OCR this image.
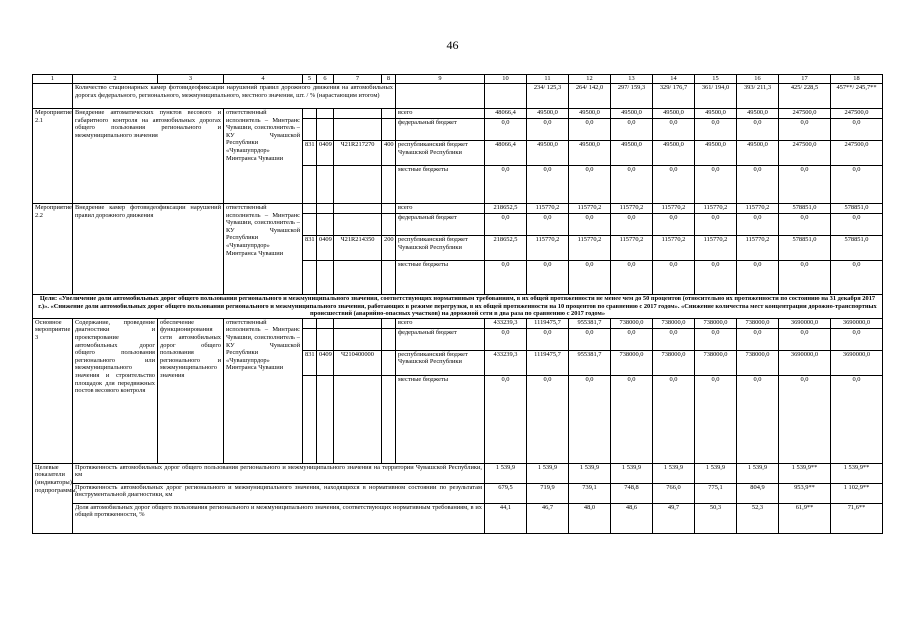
46
1	2	3	4	5	6	7	8	9	10	11	12	13	14	15	16	17	18	
	Количество стационарных камер фотовидеофиксации нарушений правил дорожного движения на автомобильных дорогах федерального, регионального, межмуниципального, местного значения, шт. / % (нарастающим итогом)									234/ 125,3	264/ 142,0	297/ 159,3	329/ 176,7	361/ 194,0	393/ 211,3	425/ 228,5	457**/ 245,7**	
Мероприятие 2.1	Внедрение автоматических пунктов весового и габаритного контроля на автомобильных дорогах общего пользования регионального и межмуниципального значения		ответственный исполнитель – Минтранс Чувашии, соисполнитель – КУ Чувашской Республики «Чувашупрдор» Минтранса Чувашии					всего	48066,4	49500,0	49500,0	49500,0	49500,0	49500,0	49500,0	247500,0	247500,0	
								федеральный бюджет	0,0	0,0	0,0	0,0	0,0	0,0	0,0	0,0	0,0	
				831	0409	Ч21R217270	400	республиканский бюджет Чувашской Республики	48066,4	49500,0	49500,0	49500,0	49500,0	49500,0	49500,0	247500,0	247500,0	
								местные бюджеты	0,0	0,0	0,0	0,0	0,0	0,0	0,0	0,0	0,0	
Мероприятие 2.2	Внедрение камер фотовидеофиксации нарушений правил дорожного движения		ответственный исполнитель – Минтранс Чувашии, соисполнитель – КУ Чувашской Республики «Чувашупрдор» Минтранса Чувашии					всего	218652,5	115770,2	115770,2	115770,2	115770,2	115770,2	115770,2	578851,0	578851,0	
								федеральный бюджет	0,0	0,0	0,0	0,0	0,0	0,0	0,0	0,0	0,0	
				831	0409	Ч21R214350	200	республиканский бюджет Чувашской Республики	218652,5	115770,2	115770,2	115770,2	115770,2	115770,2	115770,2	578851,0	578851,0	
								местные бюджеты	0,0	0,0	0,0	0,0	0,0	0,0	0,0	0,0	0,0	
Цели: «Увеличение доли автомобильных дорог общего пользования регионального и межмуниципального значения, соответствующих нормативным требованиям, в их общей протяженности не менее чем до 50 процентов (относительно их протяженности по состоянию на 31 декабря 2017 г.)». «Снижение доли автомобильных дорог общего пользования регионального и межмуниципального значения, работающих в режиме перегрузки, в их общей протяженности на 10 процентов по сравнению с 2017 годом». «Снижение количества мест концентрации дорожно-транспортных происшествий (аварийно-опасных участков) на дорожной сети в два раза по сравнению с 2017 годом»																		
Основное мероприятие 3	Содержание, проведение диагностики и проектирование автомобильных дорог общего пользования регионального или межмуниципального значения и строительство площадок для передвижных постов весового контроля	обеспечение функционирования сети автомобильных дорог общего пользования регионального и межмуниципального значения	ответственный исполнитель – Минтранс Чувашии, соисполнитель – КУ Чувашской Республики «Чувашупрдор» Минтранса Чувашии					всего	433239,3	1119475,7	955381,7	738000,0	738000,0	738000,0	738000,0	3690000,0	3690000,0	
								федеральный бюджет	0,0	0,0	0,0	0,0	0,0	0,0	0,0	0,0	0,0	
				831	0409	Ч210400000		республиканский бюджет Чувашской Республики	433239,3	1119475,7	955381,7	738000,0	738000,0	738000,0	738000,0	3690000,0	3690000,0	
								местные бюджеты	0,0	0,0	0,0	0,0	0,0	0,0	0,0	0,0	0,0	
Целевые показатели (индикаторы) подпрограммы,	Протяженность автомобильных дорог общего пользования регионального и межмуниципального значения на территории Чувашской Республики, км								1 539,9	1 539,9	1 539,9	1 539,9	1 539,9	1 539,9	1 539,9	1 539,9**	1 539,9**	
	Протяженность автомобильных дорог регионального и межмуниципального значения, находящихся в нормативном состоянии по результатам инструментальной диагностики, км								679,5	719,9	739,1	748,8	766,0	775,1	804,9	953,9**	1 102,9**	
	Доля автомобильных дорог общего пользования регионального и межмуниципального значения, соответствующих нормативным требованиям, в их общей протяженности, %								44,1	46,7	48,0	48,6	49,7	50,3	52,3	61,9**	71,6**	
